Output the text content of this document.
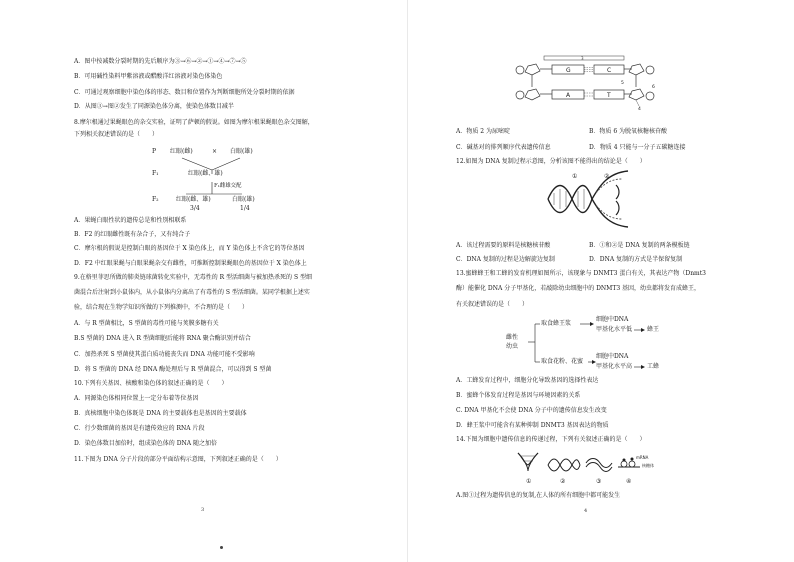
A．图中按减数分裂时期的先后顺序为③→⑥→②→①→④→⑦→⑤
B．可用碱性染料甲紫溶液或醋酸洋红溶液对染色体染色
C．可通过观察细胞中染色体的形态、数目和位置作为判断细胞所处分裂时期的依据
D．从图③→图②发生了同源染色体分离，使染色体数目减半
8.摩尔根通过果蝇眼色的杂交实验，证明了萨顿的假说。如图为摩尔根果蝇眼色杂交图解，
下列相关叙述错误的是（　　）
P 红眼(雌)	× 白眼(雄)
F₁	红眼(雌、雄)
F₁雌雄交配
F₂	红眼(雌、雄)	白眼(雄)
3/4	1/4
A．果蝇白眼性状的遗传总是和性别相联系
B．F2 的红眼雌性既有杂合子，又有纯合子
C．摩尔根的假说是控制白眼的基因位于 X 染色体上，而 Y 染色体上不含它的等位基因
D．F2 中红眼果蝇与白眼果蝇杂交有雌性，可推断控制果蝇眼色的基因位于 X 染色体上
9.在格里菲思所做的肺炎链球菌转化实验中，无毒性的 R 型活细菌与被加热杀死的 S 型细
菌混合后注射到小鼠体内，从小鼠体内分离出了有毒性的 S 型活细菌。某同学根据上述实
验，结合现在生物学知识所做的下列推测中，不合理的是（　　）
A．与 R 型菌相比，S 型菌的毒性可能与荚膜多糖有关
B.S 型菌的 DNA 进入 R 型菌细胞后能将 RNA 聚合酶识别并结合
C．加热杀死 S 型菌使其蛋白质功能丧失而 DNA 功能可能不受影响
D．将 S 型菌的 DNA 经 DNA 酶处理后与 R 型菌混合，可以得到 S 型菌
10.下列有关基因、核酸和染色体的叙述正确的是（　　）
A．同源染色体相同位置上一定分布着等位基因
B．真核细胞中染色体既是 DNA 的主要载体也是基因的主要载体
C．行少数细菌的基因是有遗传效应的 RNA 片段
D．染色体数目加倍时，组成染色体的 DNA 随之加倍
11.下图为 DNA 分子片段的部分平面结构示意图，下列叙述正确的是（　　）
3
3
G	C
A	T
5
6
4
A．物质 2 为尿嘧啶	B．物质 6 为脱氧核糖核苷酸
C．碱基对的排列顺序代表遗传信息	D．物质 4 只能与一分子五碳糖连接
12.如图为 DNA 复制过程示意图，分析该图不能得出的结论是（　　）
①	②
A．该过程需要的原料是核糖核苷酸	B．①和②是 DNA 复制的两条模板链
C．DNA 复制的过程是边解旋边复制	D．DNA 复制的方式是半保留复制
13.蜜蜂蜂王和工蜂的发育机理如图所示，该现象与 DNMT3 蛋白有关，其表达产物（Dnmt3
酶）能催化 DNA 分子甲基化，若敲除幼虫细胞中的 DNMT3 基因，幼虫都将发育成蜂王，
有关叙述错误的是（　　）
雌性
幼虫
取食蜂王浆
细胞中DNA
甲基化水平低 蜂王
取食花粉、花蜜
细胞中DNA
甲基化水平高 工蜂
A．工蜂发育过程中，细胞分化导致基因的选择性表达
B．蜜蜂个体发育过程是基因与环境因素的关系
C. DNA 甲基化不会使 DNA 分子中的遗传信息发生改变
D．蜂王浆中可能含有某种抑制 DNMT3 基因表达的物质
14.下图为细胞中遗传信息的传递过程，下列有关叙述正确的是（　　）
①	②	③	④
mRNA
核糖体
A.图①过程为遗传信息的复制,在人体的所有细胞中都可能发生
4
